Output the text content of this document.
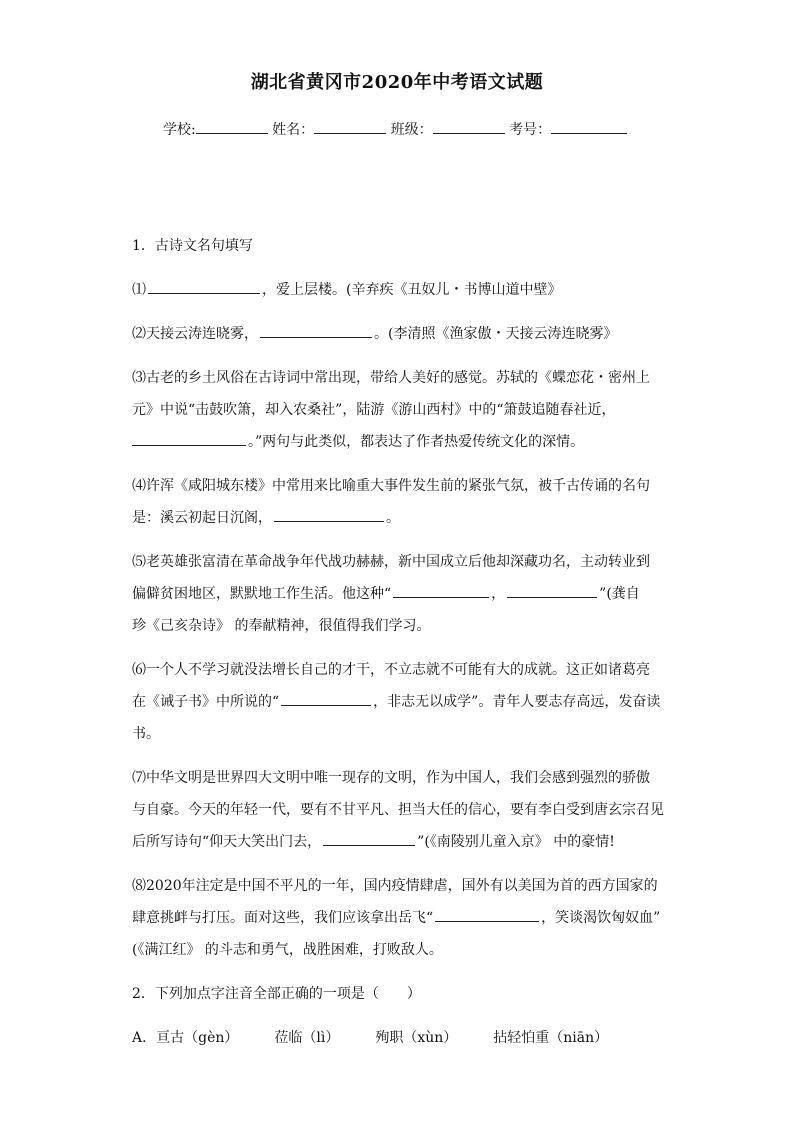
湖北省黄冈市2020年中考语文试题
学校:	姓名：	班级：	考号：
1．古诗文名句填写
⑴	，爱上层楼。(辛弃疾《丑奴儿・书博山道中壁》
⑵天接云涛连晓雾，	。(李清照《渔家傲・天接云涛连晓雾》
⑶古老的乡土风俗在古诗词中常出现，带给人美好的感觉。苏轼的《蝶恋花・密州上
元》中说“击鼓吹箫，却入农桑社”，陆游《游山西村》中的“箫鼓追随春社近，
。”两句与此类似，都表达了作者热爱传统文化的深情。
⑷许浑《咸阳城东楼》中常用来比喻重大事件发生前的紧张气氛，被千古传诵的名句
是：溪云初起日沉阁，	。
⑸老英雄张富清在革命战争年代战功赫赫，新中国成立后他却深藏功名，主动转业到
偏僻贫困地区，默默地工作生活。他这种“	，	”(龚自
珍《己亥杂诗》 的奉献精神，很值得我们学习。
⑹一个人不学习就没法增长自己的才干，不立志就不可能有大的成就。这正如诸葛亮
在《诫子书》中所说的“	，非志无以成学”。青年人要志存高远，发奋读
书。
⑺中华文明是世界四大文明中唯一现存的文明，作为中国人，我们会感到强烈的骄傲
与自豪。今天的年轻一代，要有不甘平凡、担当大任的信心，要有李白受到唐玄宗召见
后所写诗句“仰天大笑出门去，	”(《南陵别儿童入京》 中的豪情!
⑻2020年注定是中国不平凡的一年，国内疫情肆虐，国外有以美国为首的西方国家的
肆意挑衅与打压。面对这些，我们应该拿出岳飞“	，笑谈渴饮匈奴血”
(《满江红》 的斗志和勇气，战胜困难，打败敌人。
2．下列加点字注音全部正确的一项是（　　）
A．亘古（gèn）	莅临（lì）	殉职（xùn）	拈轻怕重（niān）
